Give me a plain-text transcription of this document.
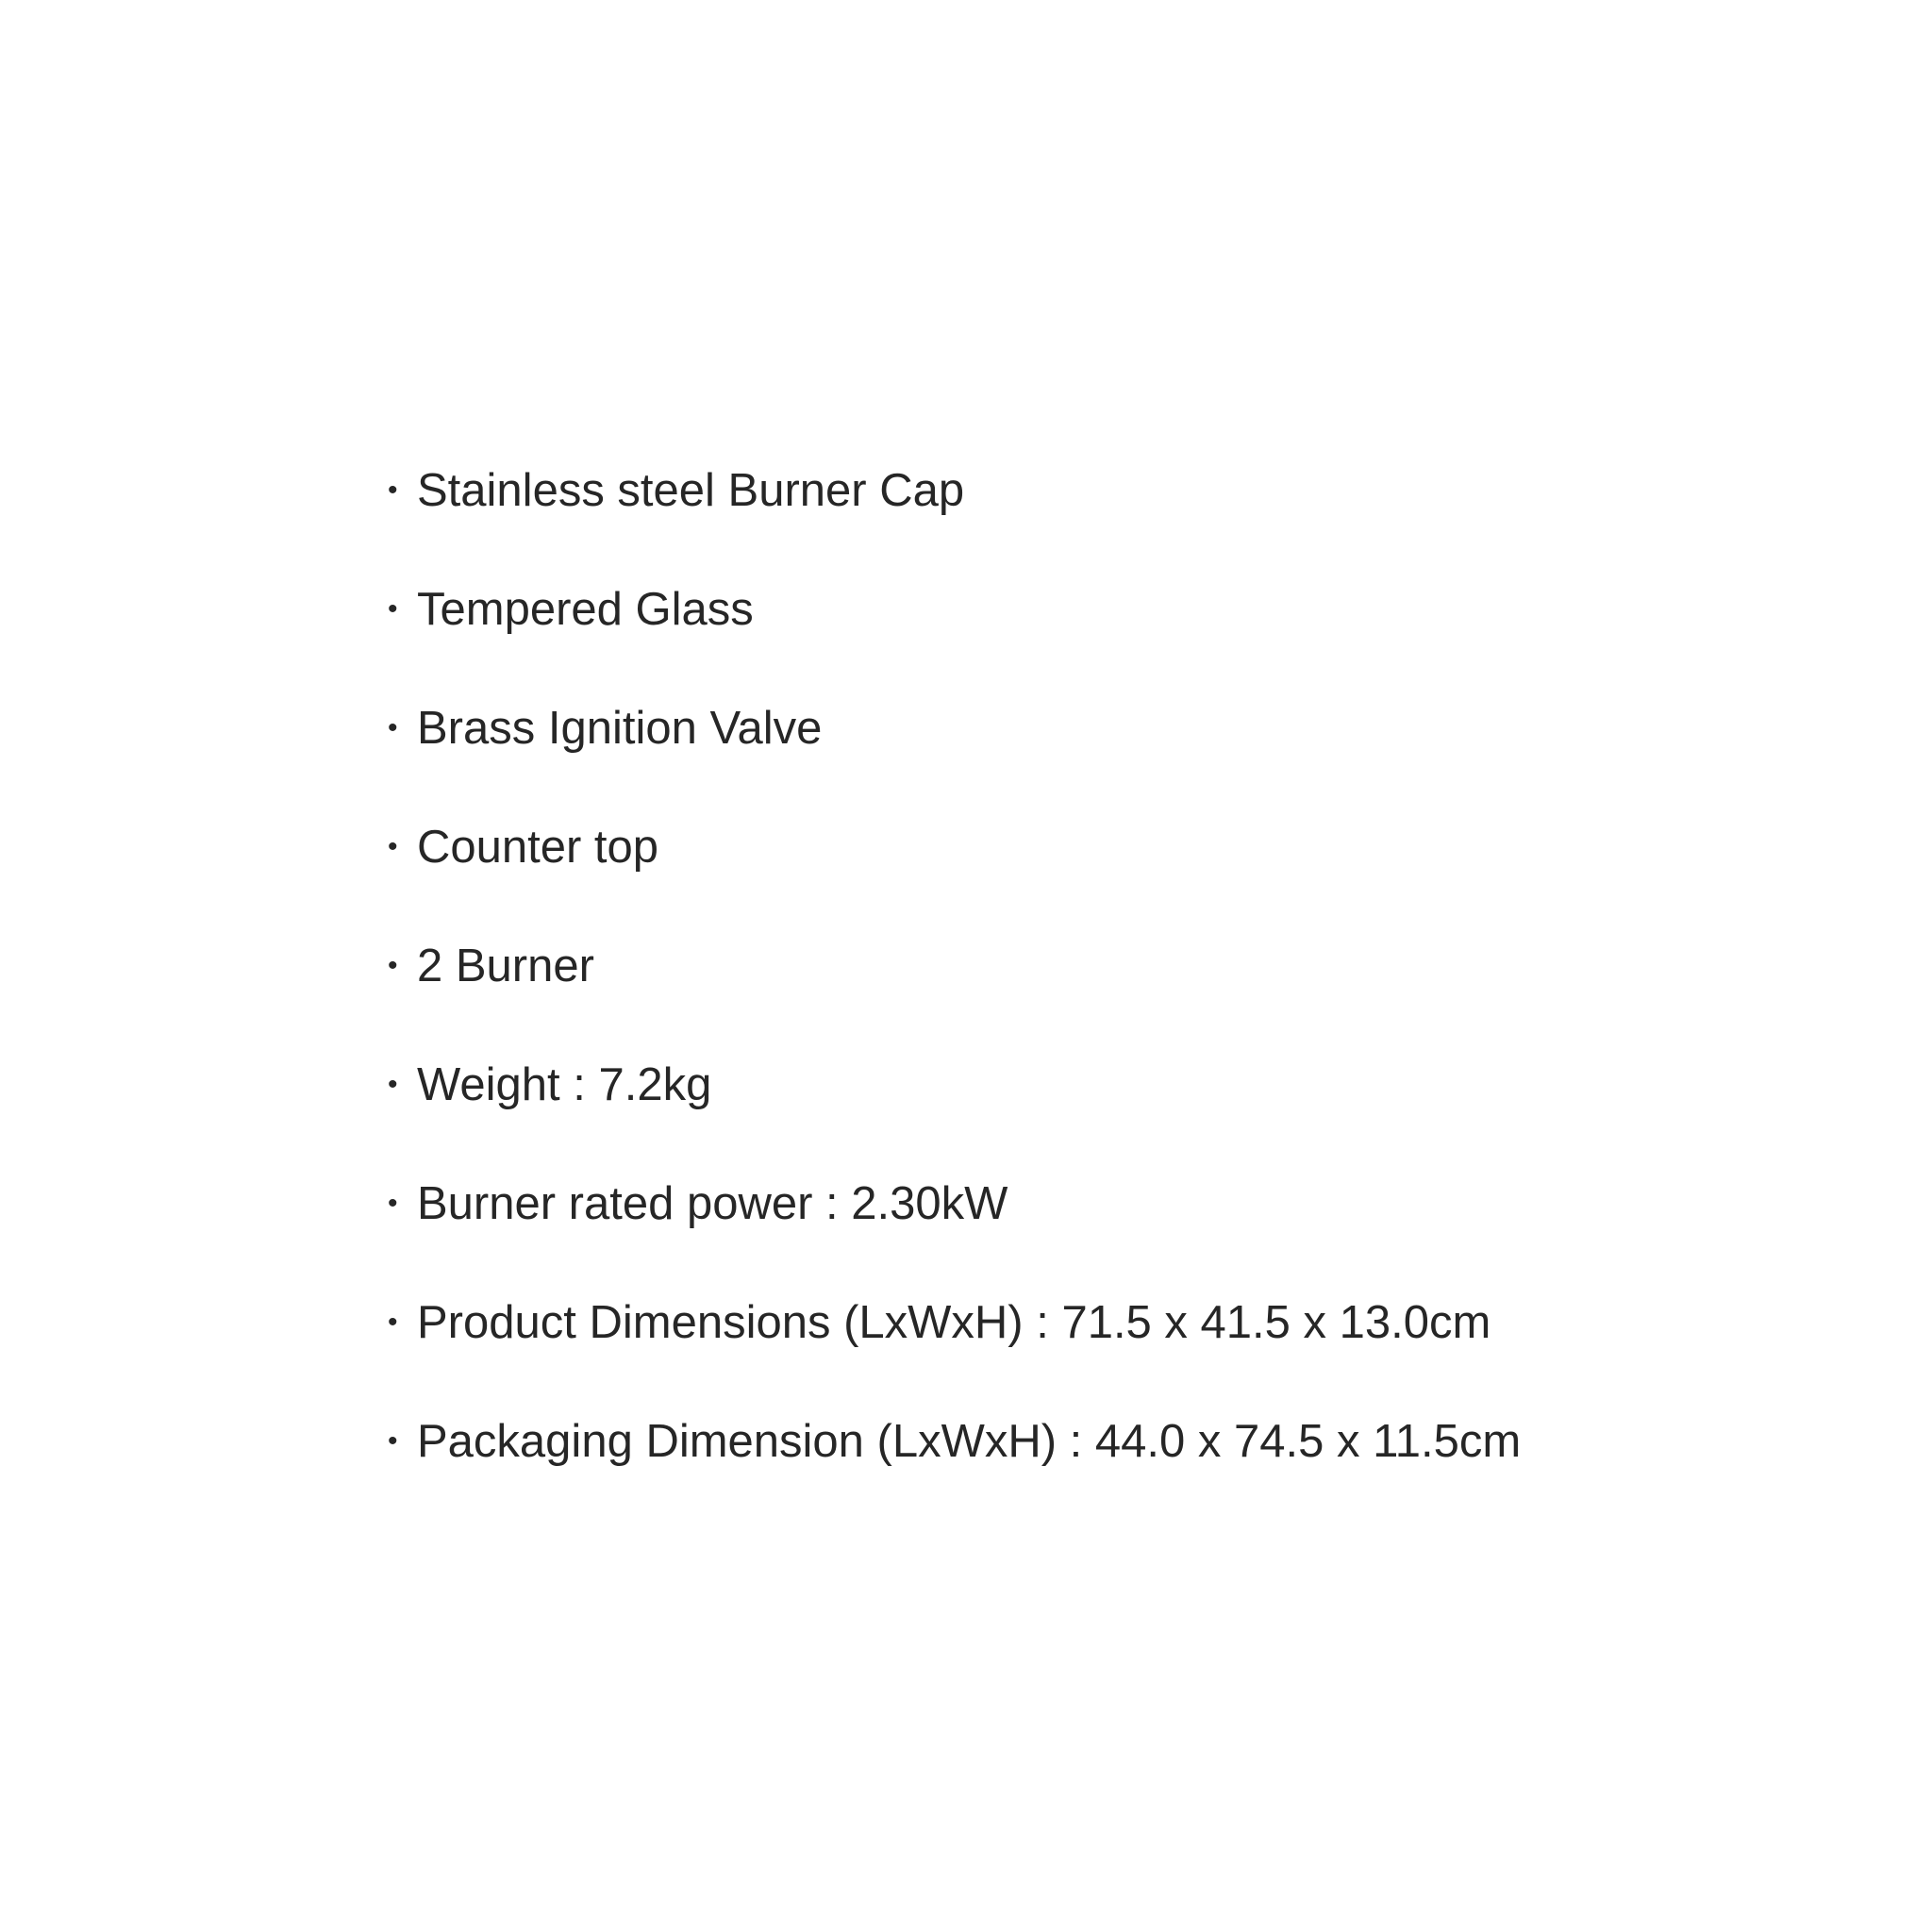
• Stainless steel Burner Cap
• Tempered Glass
• Brass Ignition Valve
• Counter top
• 2 Burner
• Weight : 7.2kg
• Burner rated power : 2.30kW
• Product Dimensions (LxWxH) : 71.5 x 41.5 x 13.0cm
• Packaging Dimension (LxWxH) : 44.0 x 74.5 x 11.5cm
